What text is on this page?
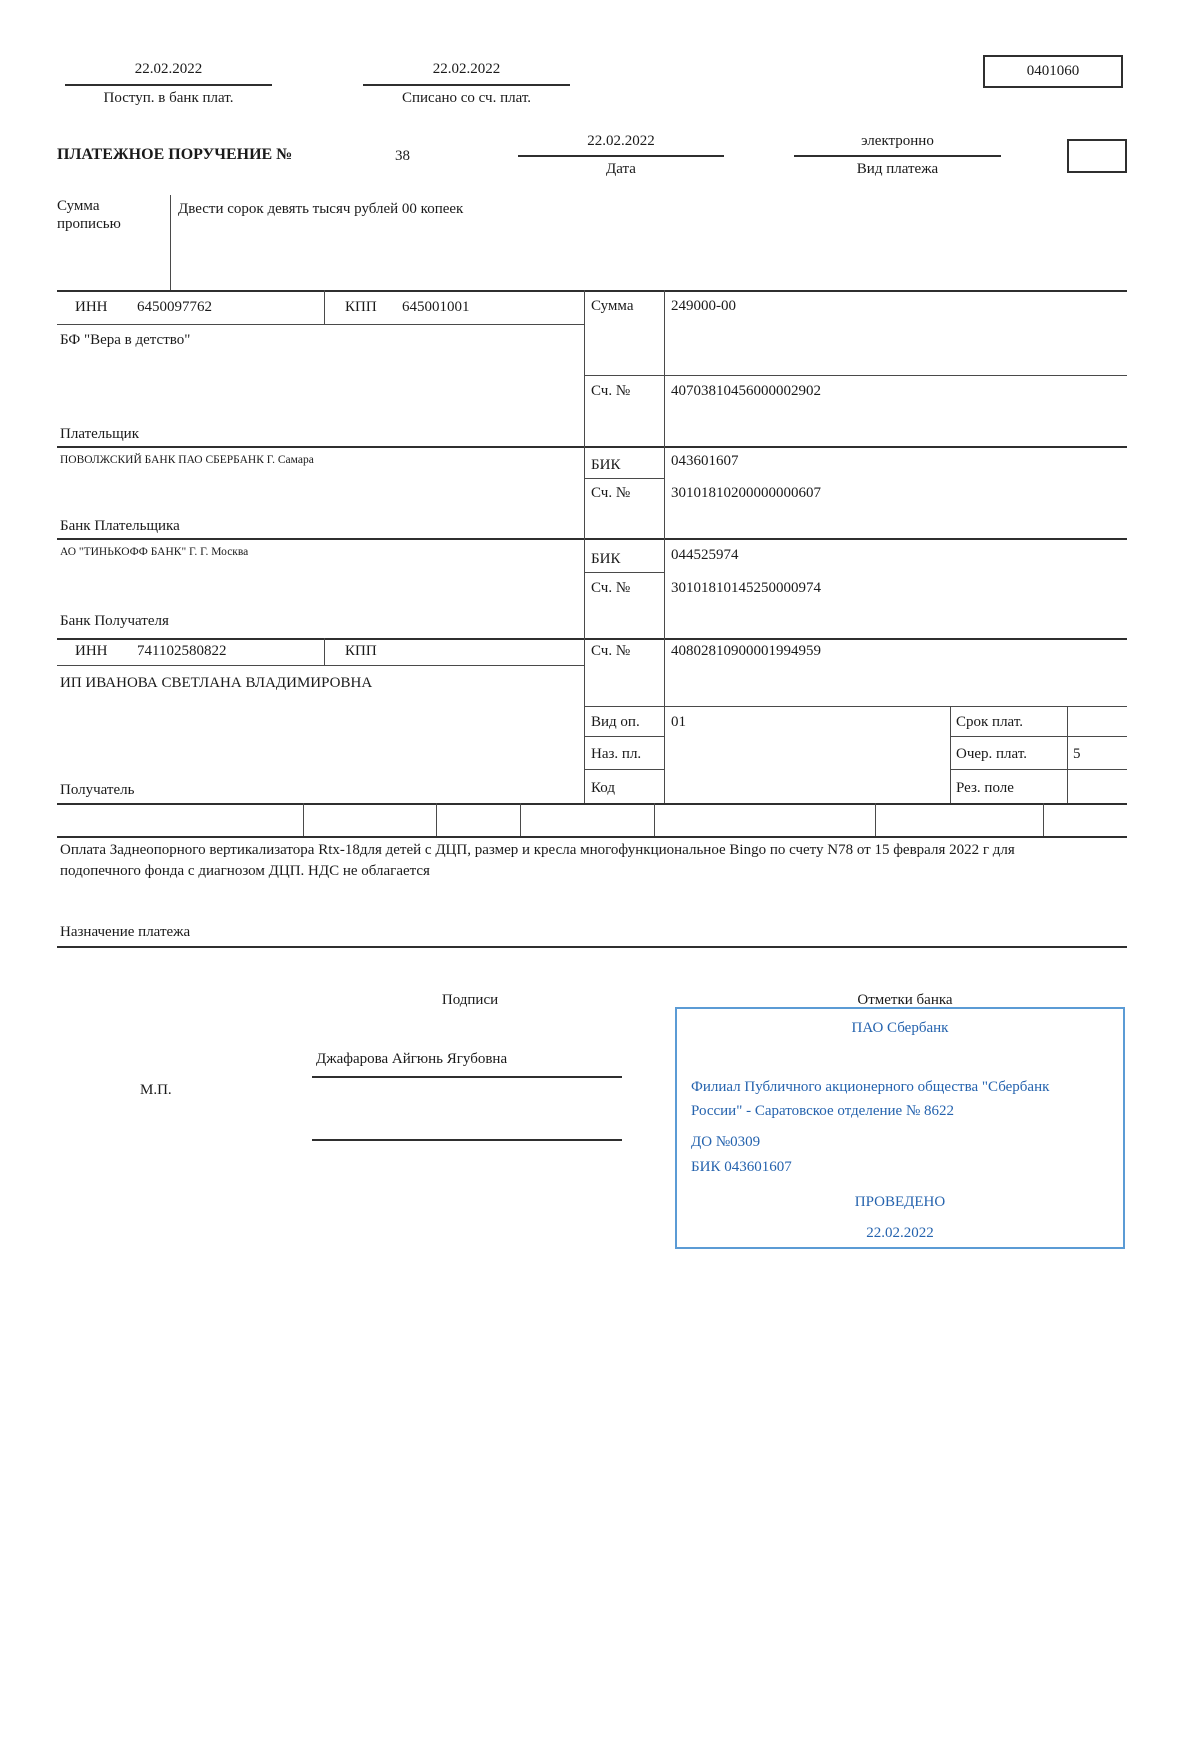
22.02.2022
Поступ. в банк плат.
22.02.2022
Списано со сч. плат.
0401060
ПЛАТЕЖНОЕ ПОРУЧЕНИЕ №	38
22.02.2022
Дата
электронно
Вид платежа
Сумма прописью
Двести сорок девять тысяч рублей 00 копеек
ИНН 6450097762	КПП 645001001	Сумма	249000-00
БФ "Вера в детство"
Сч. №	40703810456000002902
Плательщик
ПОВОЛЖСКИЙ БАНК ПАО СБЕРБАНК Г. Самара	БИК	043601607
Сч. №	30101810200000000607
Банк Плательщика
АО "ТИНЬКОФФ БАНК" Г. Г. Москва	БИК	044525974
Сч. №	30101810145250000974
Банк Получателя
ИНН 741102580822	КПП	Сч. №	40802810900001994959
ИП ИВАНОВА СВЕТЛАНА ВЛАДИМИРОВНА
Вид оп. 01	Срок плат.
Наз. пл.	Очер. плат.	5
Код	Рез. поле
Получатель
Оплата Заднеопорного вертикализатора Rtx-18для детей с ДЦП, размер и кресла многофункциональное Bingo по счету N78 от 15 февраля 2022 г для подопечного фонда с диагнозом ДЦП. НДС не облагается
Назначение платежа
Подписи	Отметки банка
Джафарова Айгюнь Ягубовна
М.П.
ПАО Сбербанк
Филиал Публичного акционерного общества "Сбербанк России" - Саратовское отделение № 8622
ДО №0309
БИК 043601607
ПРОВЕДЕНО
22.02.2022
